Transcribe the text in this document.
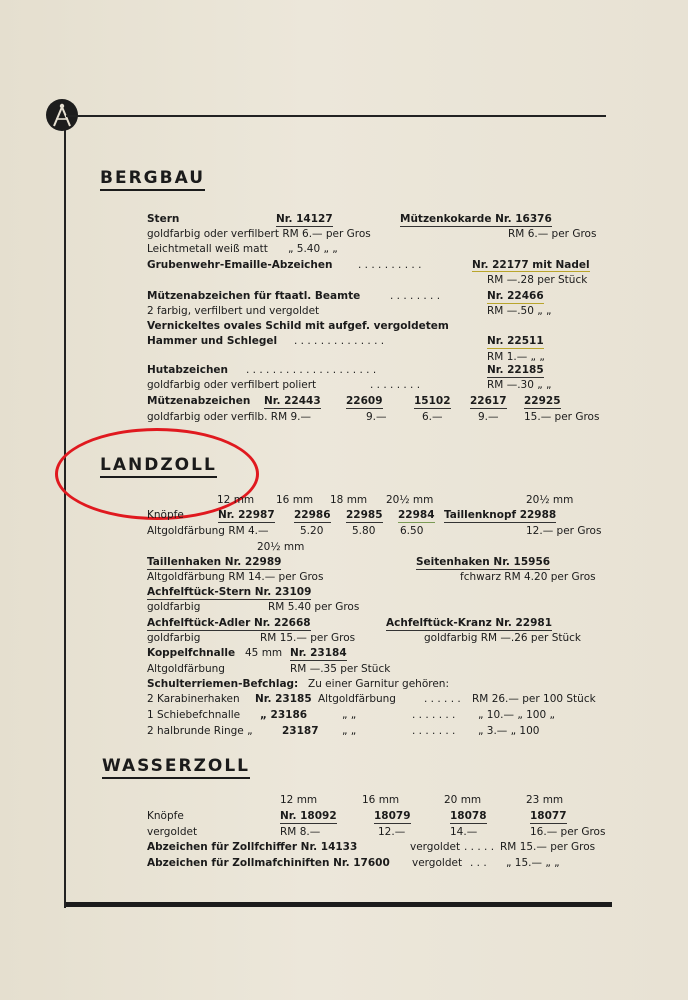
BERGBAU
Stern	Nr. 14127	Mützenkokarde Nr. 16376
goldfarbig oder verfilbert RM 6.— per Gros	RM 6.— per Gros
Leichtmetall weiß matt „ 5.40 „ „
Grubenwehr-Emaille-Abzeichen . . . . . . . . . .	Nr. 22177 mit Nadel
RM —.28 per Stück
Mützenabzeichen für ftaatl. Beamte	. . . . . . . .	Nr. 22466
2 farbig, verfilbert und vergoldet	RM —.50 „ „
Vernickeltes ovales Schild mit aufgef. vergoldetem
Hammer und Schlegel . . . . . . . . . . . . . .	Nr. 22511
RM 1.— „ „
Hutabzeichen . . . . . . . . . . . . . . . . . . . .	Nr. 22185
goldfarbig oder verfilbert poliert	. . . . . . . .	RM —.30 „ „
Mützenabzeichen Nr. 22443 22609	15102 22617 22925
goldfarbig oder verfilb. RM 9.—	9.—	6.—	9.— 15.— per Gros
LANDZOLL
12 mm 16 mm 18 mm 20½ mm	20½ mm
Knöpfe	Nr. 22987 22986 22985 22984 Taillenknopf 22988
Altgoldfärbung RM 4.—	5.20	5.80 6.50	12.— per Gros
20½ mm
Taillenhaken Nr. 22989	Seitenhaken Nr. 15956
Altgoldfärbung RM 14.— per Gros	fchwarz RM 4.20 per Gros
Achfelftück-Stern Nr. 23109
goldfarbig	RM 5.40 per Gros
Achfelftück-Adler Nr. 22668	Achfelftück-Kranz Nr. 22981
goldfarbig	RM 15.— per Gros	goldfarbig RM —.26 per Stück
Koppelfchnalle 45 mm Nr. 23184
Altgoldfärbung	RM —.35 per Stück
Schulterriemen-Befchlag: Zu einer Garnitur gehören:
2 Karabinerhaken Nr. 23185 Altgoldfärbung	. . . . . . RM 26.— per 100 Stück
1 Schiebefchnalle „ 23186	„ „	. . . . . . . „ 10.— „ 100 „
2 halbrunde Ringe „	23187 „ „	. . . . . . . „ 3.— „ 100
WASSERZOLL
12 mm	16 mm	20 mm	23 mm
Knöpfe	Nr. 18092	18079	18078	18077
vergoldet	RM 8.—	12.—	14.—	16.— per Gros
Abzeichen für Zollfchiffer Nr. 14133	vergoldet . . . . . RM 15.— per Gros
Abzeichen für Zollmafchiniften Nr. 17600 vergoldet . . . „ 15.— „ „
